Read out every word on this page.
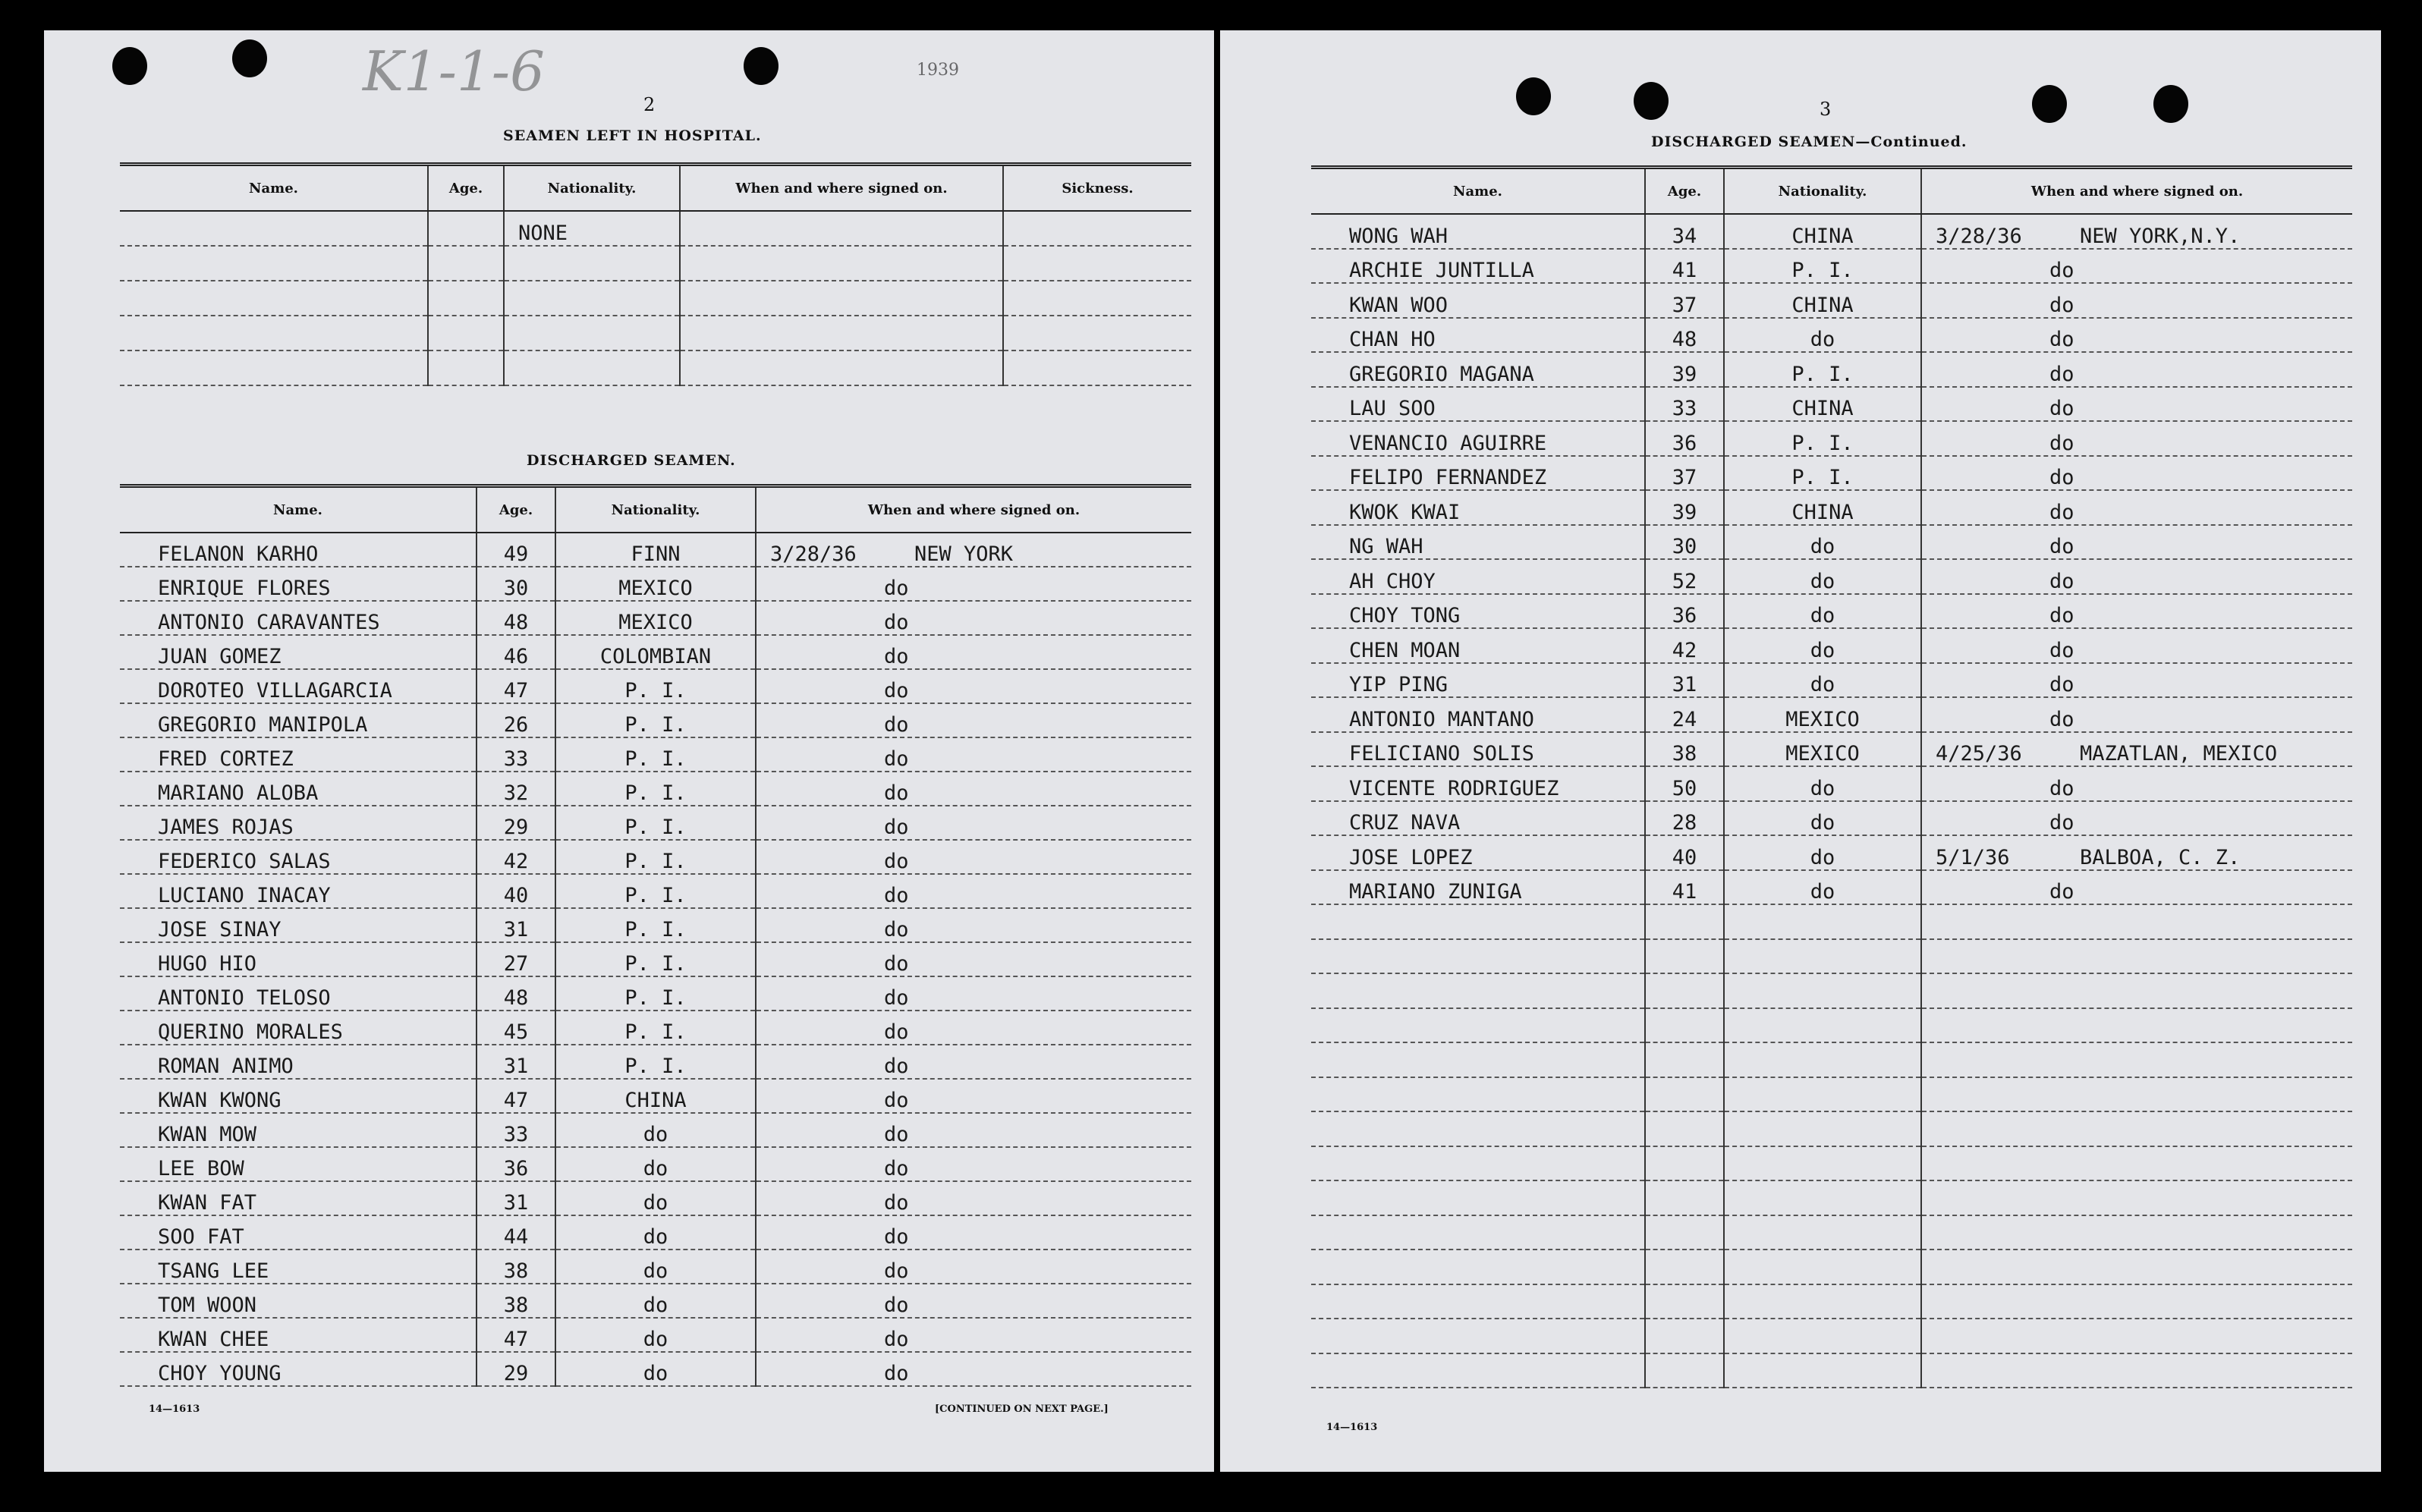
K1-1-6	1939
2
SEAMEN LEFT IN HOSPITAL.
Name.	Age.	Nationality.	When and where signed on.	Sickness.
		NONE		

DISCHARGED SEAMEN.
Name.	Age.	Nationality.	When and where signed on.
FELANON KARHO	49	FINN	3/28/36 NEW YORK
ENRIQUE FLORES	30	MEXICO	do
ANTONIO CARAVANTES	48	MEXICO	do
JUAN GOMEZ	46	COLOMBIAN	do
DOROTEO VILLAGARCIA	47	P. I.	do
GREGORIO MANIPOLA	26	P. I.	do
FRED CORTEZ	33	P. I.	do
MARIANO ALOBA	32	P. I.	do
JAMES ROJAS	29	P. I.	do
FEDERICO SALAS	42	P. I.	do
LUCIANO INACAY	40	P. I.	do
JOSE SINAY	31	P. I.	do
HUGO HIO	27	P. I.	do
ANTONIO TELOSO	48	P. I.	do
QUERINO MORALES	45	P. I.	do
ROMAN ANIMO	31	P. I.	do
KWAN KWONG	47	CHINA	do
KWAN MOW	33	do	do
LEE BOW	36	do	do
KWAN FAT	31	do	do
SOO FAT	44	do	do
TSANG LEE	38	do	do
TOM WOON	38	do	do
KWAN CHEE	47	do	do
CHOY YOUNG	29	do	do
14—1613	[CONTINUED ON NEXT PAGE.]
3
DISCHARGED SEAMEN—Continued.
Name.	Age.	Nationality.	When and where signed on.
WONG WAH	34	CHINA	3/28/36 NEW YORK,N.Y.
ARCHIE JUNTILLA	41	P. I.	do
KWAN WOO	37	CHINA	do
CHAN HO	48	do	do
GREGORIO MAGANA	39	P. I.	do
LAU SOO	33	CHINA	do
VENANCIO AGUIRRE	36	P. I.	do
FELIPO FERNANDEZ	37	P. I.	do
KWOK KWAI	39	CHINA	do
NG WAH	30	do	do
AH CHOY	52	do	do
CHOY TONG	36	do	do
CHEN MOAN	42	do	do
YIP PING	31	do	do
ANTONIO MANTANO	24	MEXICO	do
FELICIANO SOLIS	38	MEXICO	4/25/36 MAZATLAN, MEXICO
VICENTE RODRIGUEZ	50	do	do
CRUZ NAVA	28	do	do
JOSE LOPEZ	40	do	5/1/36 BALBOA, C. Z.
MARIANO ZUNIGA	41	do	do

14—1613
